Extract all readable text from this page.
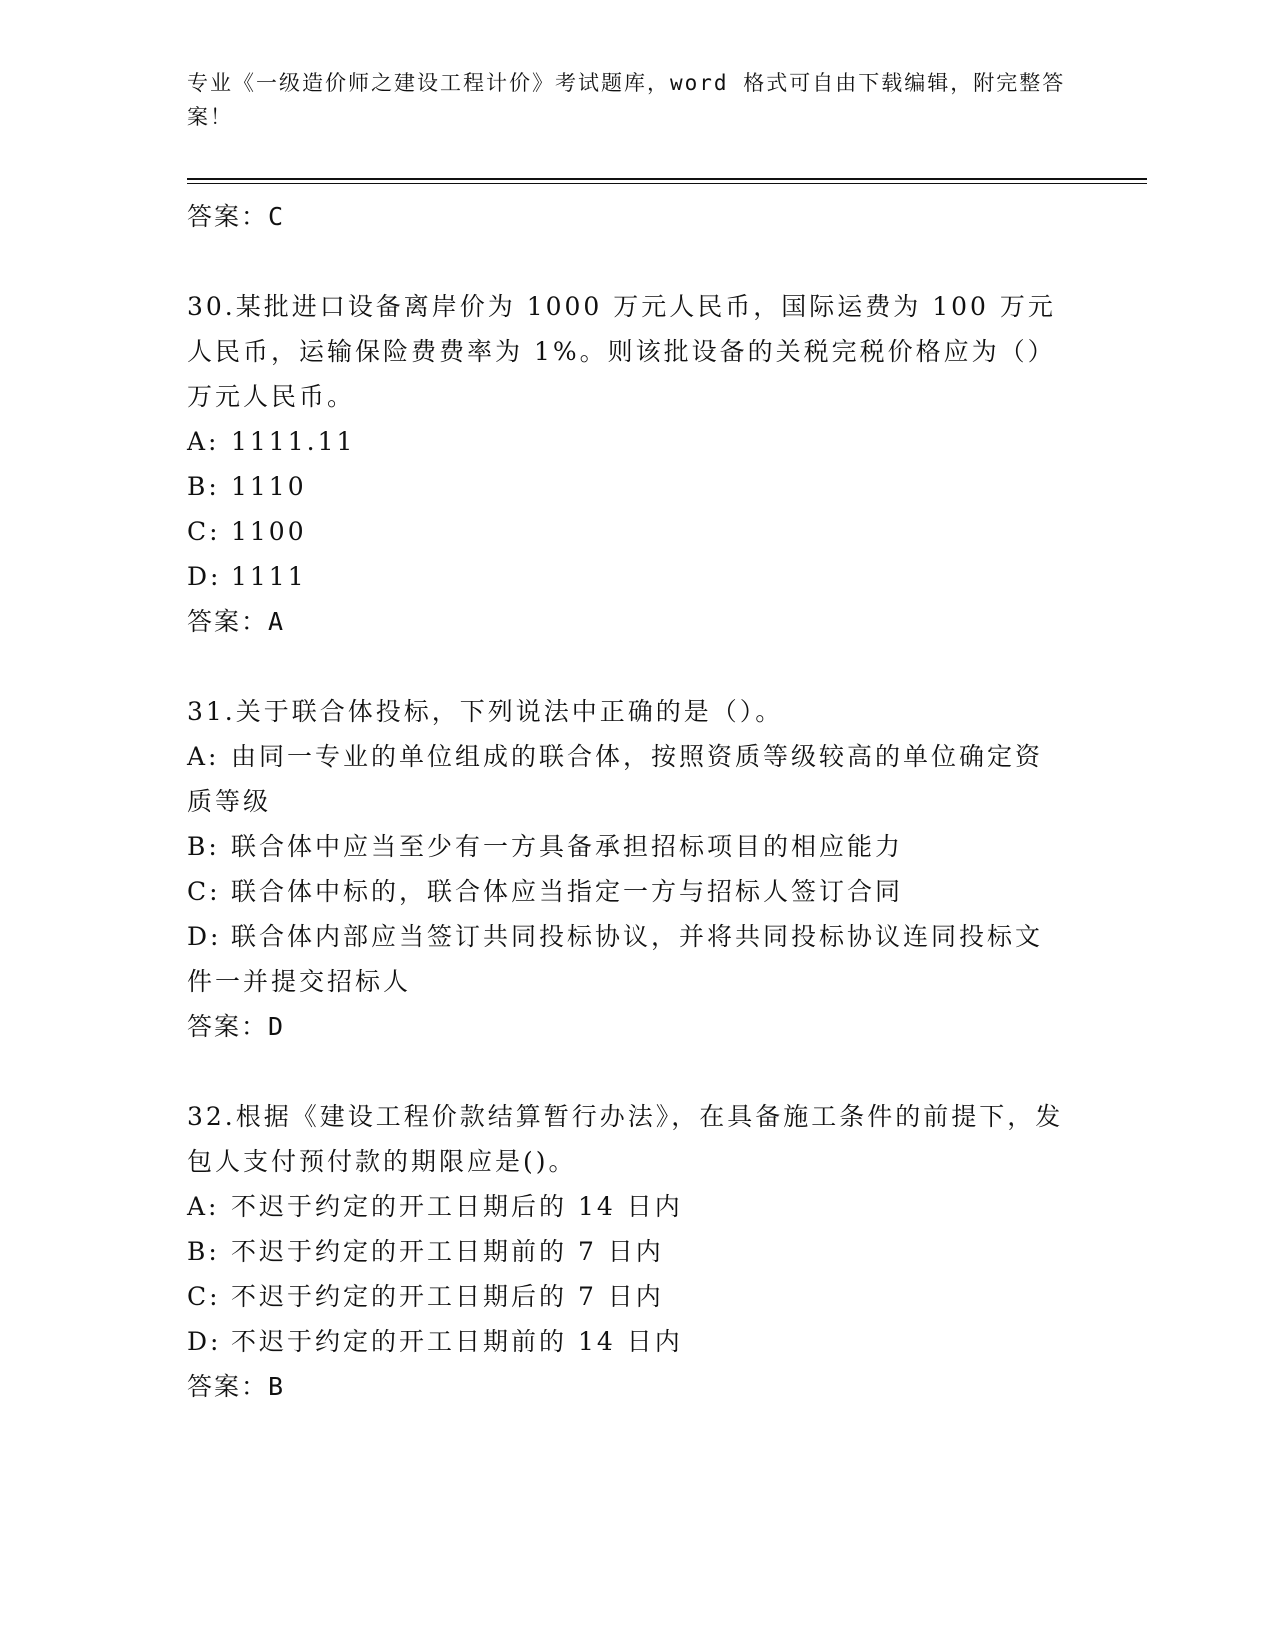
专业《一级造价师之建设工程计价》考试题库，word 格式可自由下载编辑，附完整答案！

答案：C

30.某批进口设备离岸价为 1000 万元人民币，国际运费为 100 万元人民币，运输保险费费率为 1%。则该批设备的关税完税价格应为（）万元人民币。

A: 1111.11

B: 1110

C: 1100

D: 1111

答案：A

31.关于联合体投标，下列说法中正确的是（）。

A: 由同一专业的单位组成的联合体，按照资质等级较高的单位确定资质等级

B: 联合体中应当至少有一方具备承担招标项目的相应能力

C: 联合体中标的，联合体应当指定一方与招标人签订合同

D: 联合体内部应当签订共同投标协议，并将共同投标协议连同投标文件一并提交招标人

答案：D

32.根据《建设工程价款结算暂行办法》，在具备施工条件的前提下，发包人支付预付款的期限应是()。

A: 不迟于约定的开工日期后的 14 日内

B: 不迟于约定的开工日期前的 7 日内

C: 不迟于约定的开工日期后的 7 日内

D: 不迟于约定的开工日期前的 14 日内

答案：B
